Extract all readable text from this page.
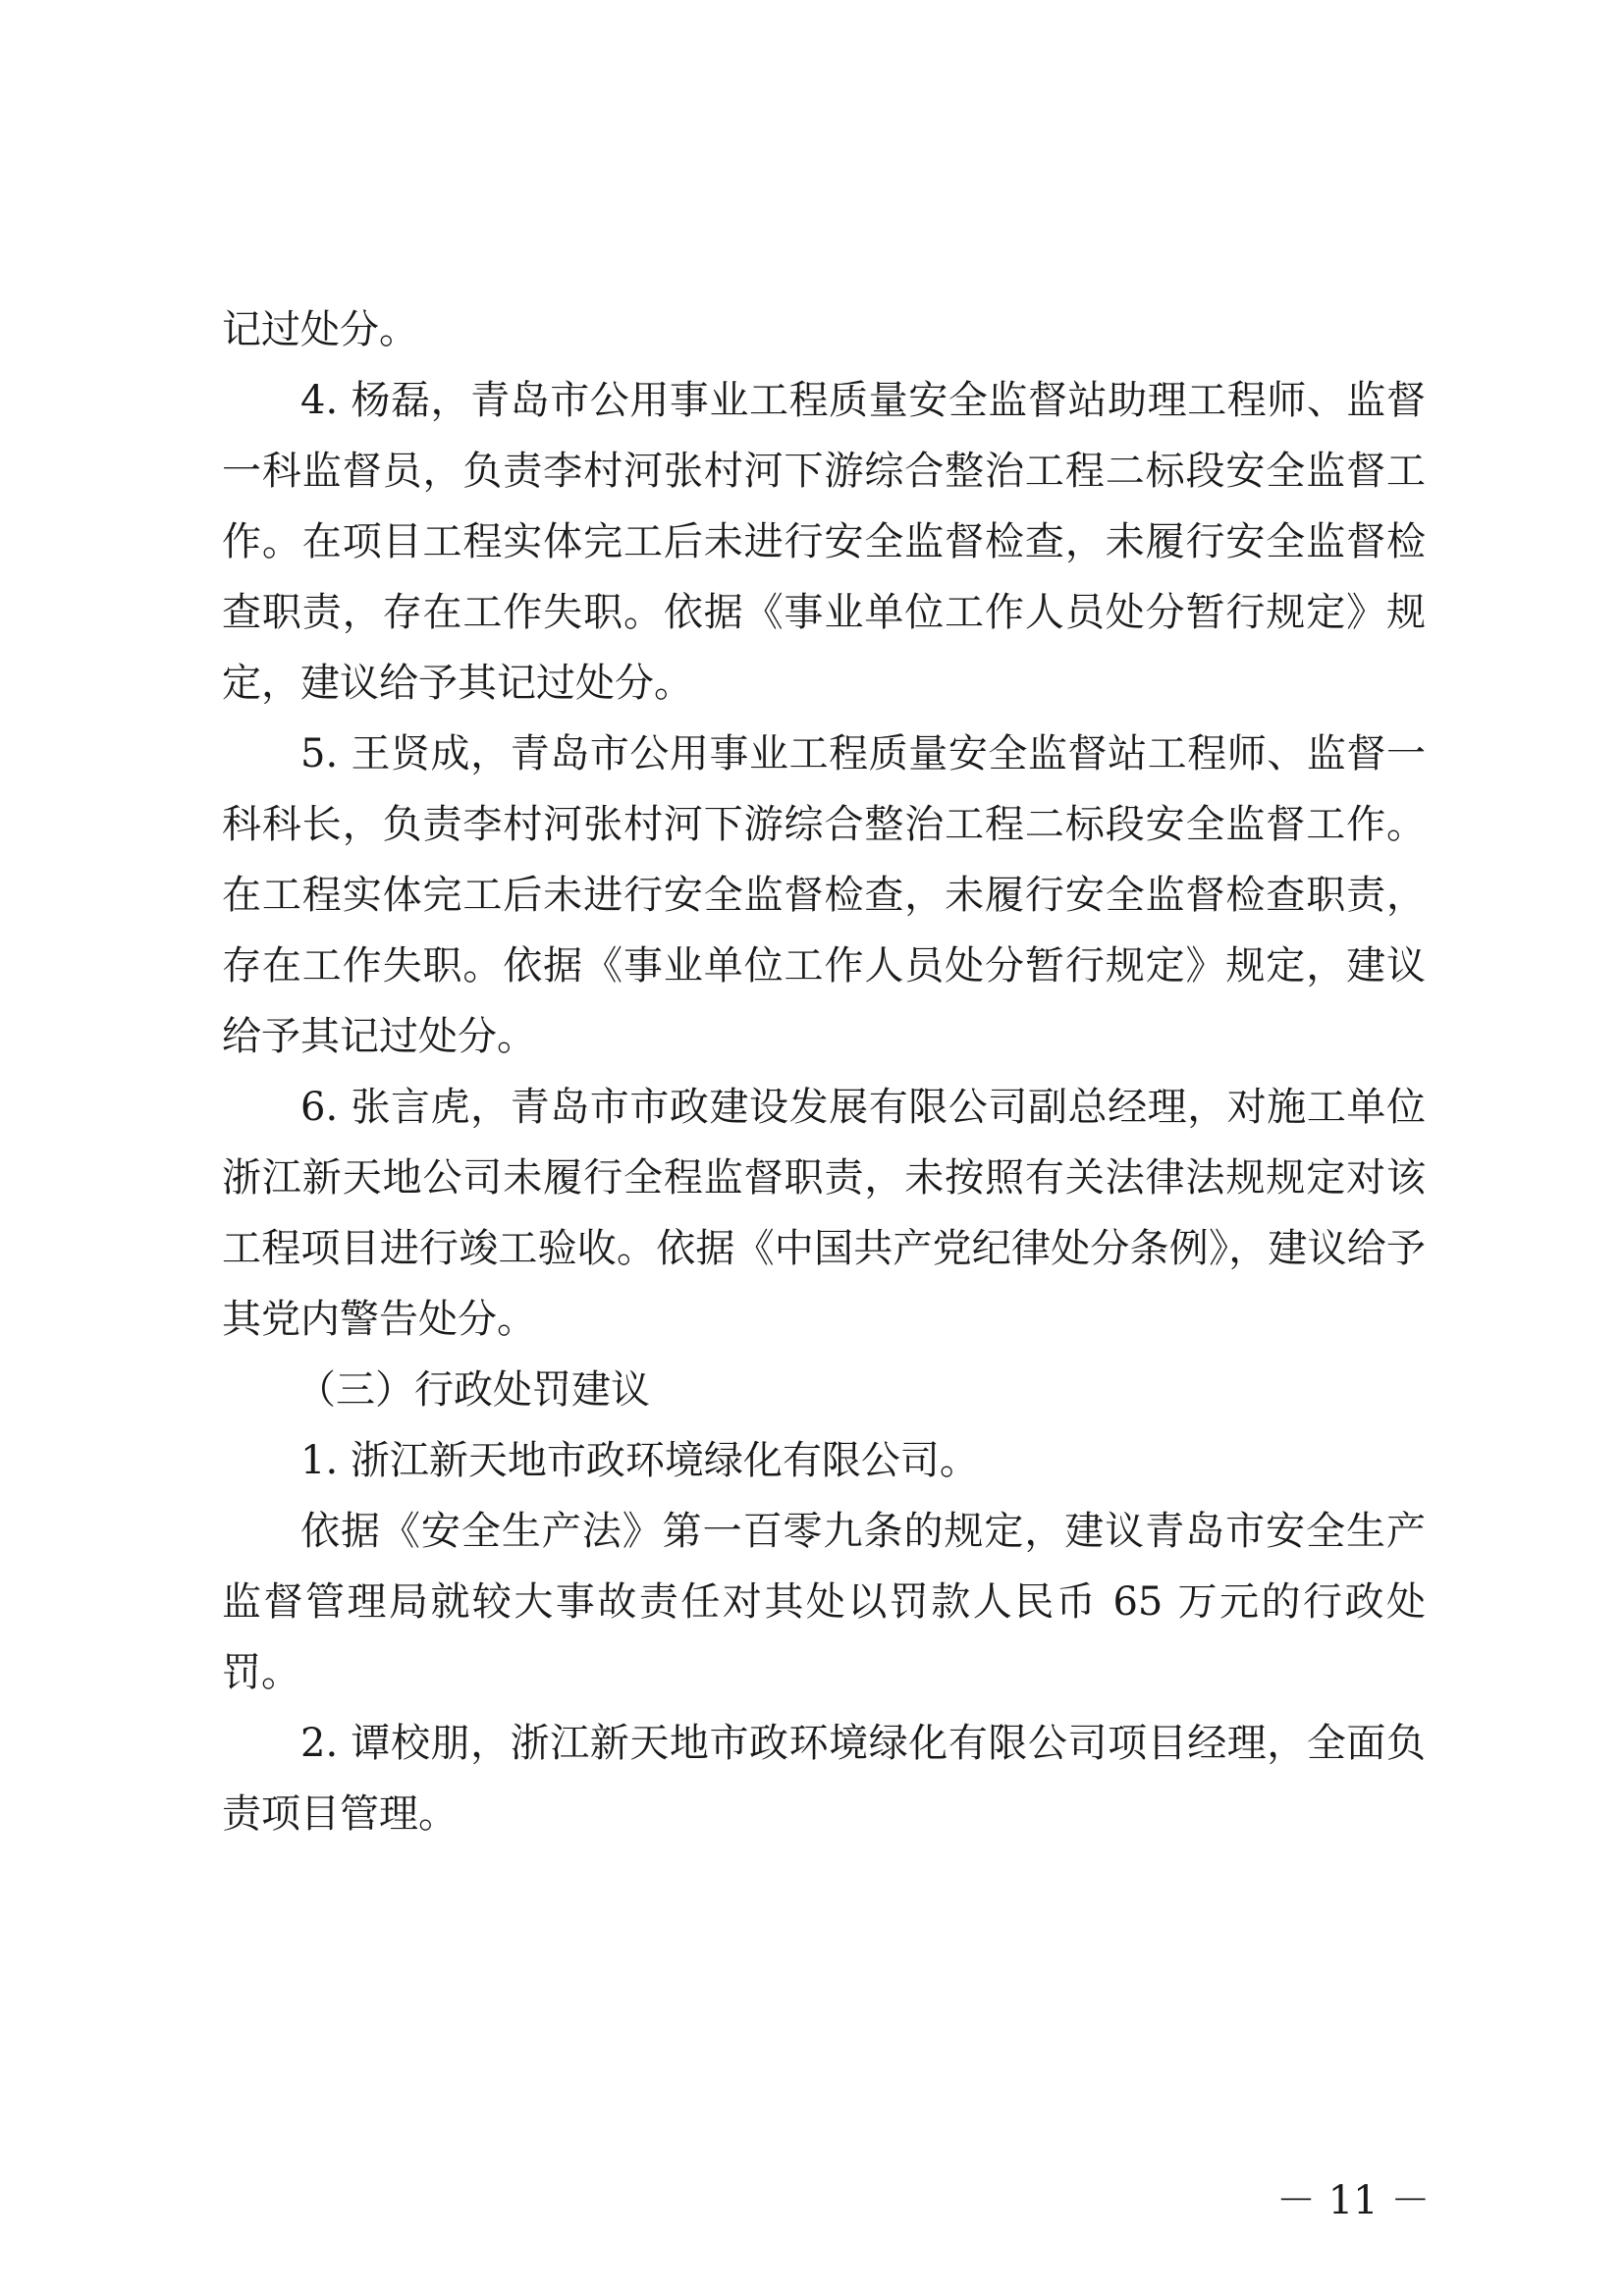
记过处分。

4. 杨磊，青岛市公用事业工程质量安全监督站助理工程师、监督一科监督员，负责李村河张村河下游综合整治工程二标段安全监督工作。在项目工程实体完工后未进行安全监督检查，未履行安全监督检查职责，存在工作失职。依据《事业单位工作人员处分暂行规定》规定，建议给予其记过处分。

5. 王贤成，青岛市公用事业工程质量安全监督站工程师、监督一科科长，负责李村河张村河下游综合整治工程二标段安全监督工作。在工程实体完工后未进行安全监督检查，未履行安全监督检查职责，存在工作失职。依据《事业单位工作人员处分暂行规定》规定，建议给予其记过处分。

6. 张言虎，青岛市市政建设发展有限公司副总经理，对施工单位浙江新天地公司未履行全程监督职责，未按照有关法律法规规定对该工程项目进行竣工验收。依据《中国共产党纪律处分条例》，建议给予其党内警告处分。

（三）行政处罚建议

1. 浙江新天地市政环境绿化有限公司。

依据《安全生产法》第一百零九条的规定，建议青岛市安全生产监督管理局就较大事故责任对其处以罚款人民币 65 万元的行政处罚。

2. 谭校朋，浙江新天地市政环境绿化有限公司项目经理，全面负责项目管理。

－ 11 －
